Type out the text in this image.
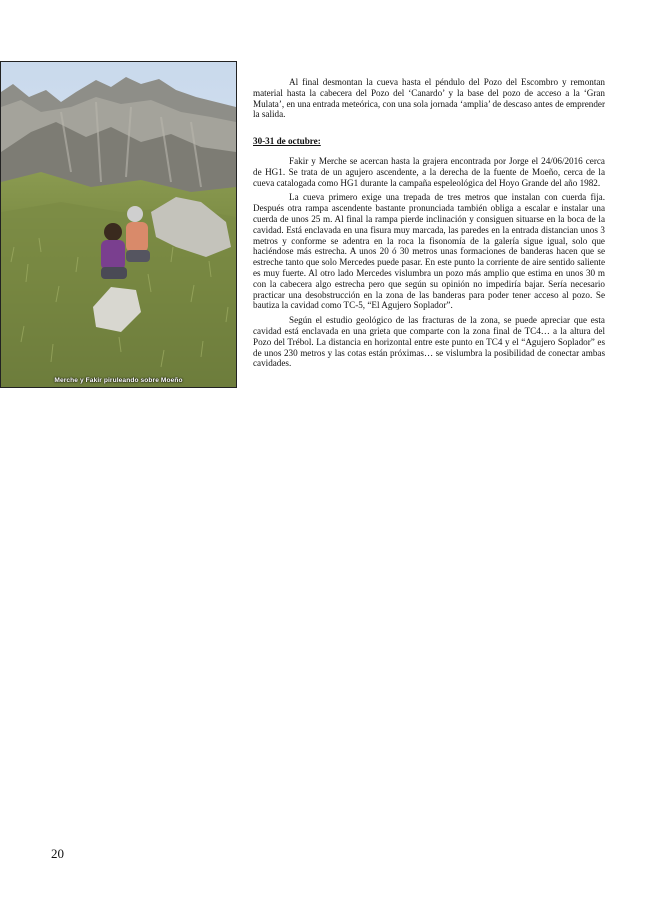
Merche y Fakir piruleando sobre Moeño

Al final desmontan la cueva hasta el péndulo del Pozo del Escombro y remontan material hasta la cabecera del Pozo del ‘Canardo’ y la base del pozo de acceso a la ‘Gran Mulata’, en una entrada meteórica, con una sola jornada ‘amplia’ de descaso antes de emprender la salida.

30-31 de octubre:

Fakir y Merche se acercan hasta la grajera encontrada por Jorge el 24/06/2016 cerca de HG1. Se trata de un agujero ascendente, a la derecha de la fuente de Moeño, cerca de la cueva catalogada como HG1 durante la campaña espeleológica del Hoyo Grande del año 1982.

La cueva primero exige una trepada de tres metros que instalan con cuerda fija. Después otra rampa ascendente bastante pronunciada también obliga a escalar e instalar una cuerda de unos 25 m. Al final la rampa pierde inclinación y consiguen situarse en la boca de la cavidad. Está enclavada en una fisura muy marcada, las paredes en la entrada distancian unos 3 metros y conforme se adentra en la roca la fisonomía de la galería sigue igual, solo que haciéndose más estrecha. A unos 20 ó 30 metros unas formaciones de banderas hacen que se estreche tanto que solo Mercedes puede pasar. En este punto la corriente de aire sentido saliente es muy fuerte. Al otro lado Mercedes vislumbra un pozo más amplio que estima en unos 30 m con la cabecera algo estrecha pero que según su opinión no impediría bajar. Sería necesario practicar una desobstrucción en la zona de las banderas para poder tener acceso al pozo. Se bautiza la cavidad como TC-5, “El Agujero Soplador”.

Según el estudio geológico de las fracturas de la zona, se puede apreciar que esta cavidad está enclavada en una grieta que comparte con la zona final de TC4… a la altura del Pozo del Trébol. La distancia en horizontal entre este punto en TC4 y el “Agujero Soplador” es de unos 230 metros y las cotas están próximas… se vislumbra la posibilidad de conectar ambas cavidades.

20
